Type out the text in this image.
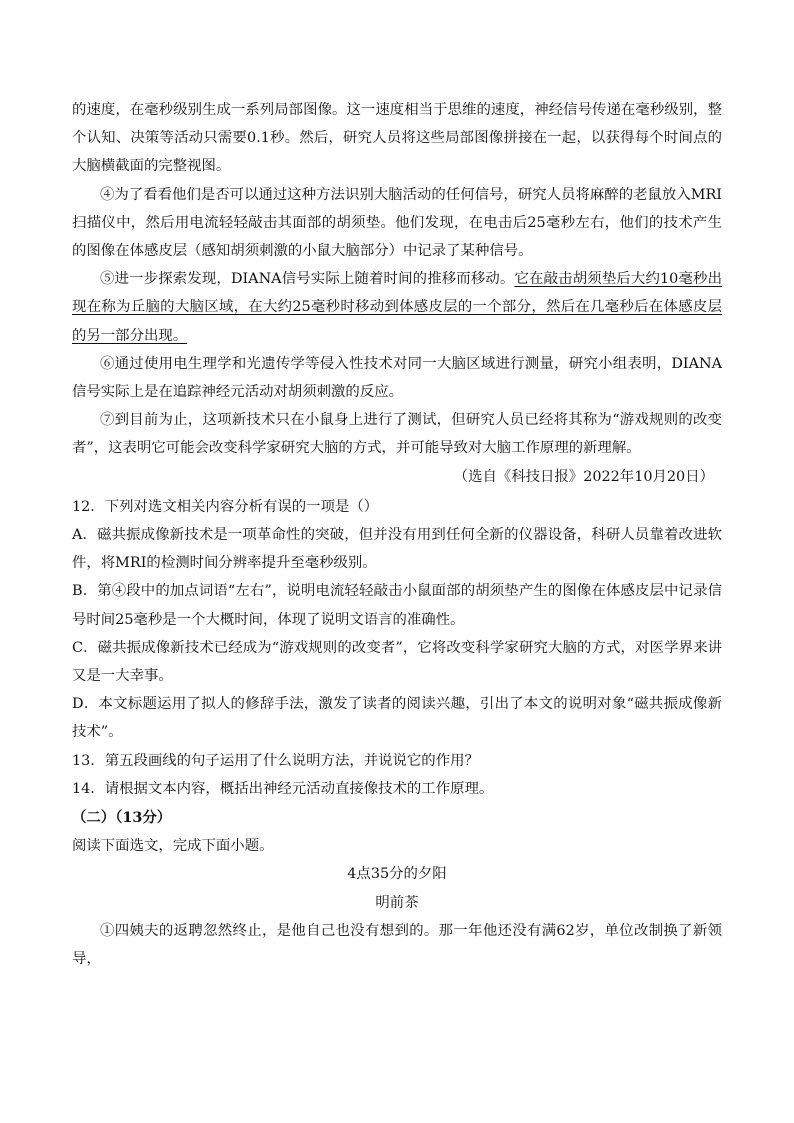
的速度，在毫秒级别生成一系列局部图像。这一速度相当于思维的速度，神经信号传递在毫秒级别，整个认知、决策等活动只需要0.1秒。然后，研究人员将这些局部图像拼接在一起，以获得每个时间点的大脑横截面的完整视图。

④为了看看他们是否可以通过这种方法识别大脑活动的任何信号，研究人员将麻醉的老鼠放入MRI扫描仪中，然后用电流轻轻敲击其面部的胡须垫。他们发现，在电击后25毫秒左右，他们的技术产生的图像在体感皮层（感知胡须刺激的小鼠大脑部分）中记录了某种信号。

⑤进一步探索发现，DIANA信号实际上随着时间的推移而移动。它在敲击胡须垫后大约10毫秒出现在称为丘脑的大脑区域，在大约25毫秒时移动到体感皮层的一个部分，然后在几毫秒后在体感皮层的另一部分出现。

⑥通过使用电生理学和光遗传学等侵入性技术对同一大脑区域进行测量，研究小组表明，DIANA信号实际上是在追踪神经元活动对胡须刺激的反应。

⑦到目前为止，这项新技术只在小鼠身上进行了测试，但研究人员已经将其称为“游戏规则的改变者”，这表明它可能会改变科学家研究大脑的方式，并可能导致对大脑工作原理的新理解。

（选自《科技日报》2022年10月20日）

12．下列对选文相关内容分析有误的一项是（）

A．磁共振成像新技术是一项革命性的突破，但并没有用到任何全新的仪器设备，科研人员靠着改进软件，将MRI的检测时间分辨率提升至毫秒级别。

B．第④段中的加点词语“左右”，说明电流轻轻敲击小鼠面部的胡须垫产生的图像在体感皮层中记录信号时间25毫秒是一个大概时间，体现了说明文语言的准确性。

C．磁共振成像新技术已经成为“游戏规则的改变者”，它将改变科学家研究大脑的方式，对医学界来讲又是一大幸事。

D．本文标题运用了拟人的修辞手法，激发了读者的阅读兴趣，引出了本文的说明对象“磁共振成像新技术”。

13．第五段画线的句子运用了什么说明方法，并说说它的作用？

14．请根据文本内容，概括出神经元活动直接像技术的工作原理。

（二）（13分）

阅读下面选文，完成下面小题。

4点35分的夕阳

明前茶

①四姨夫的返聘忽然终止，是他自己也没有想到的。那一年他还没有满62岁，单位改制换了新领导，
